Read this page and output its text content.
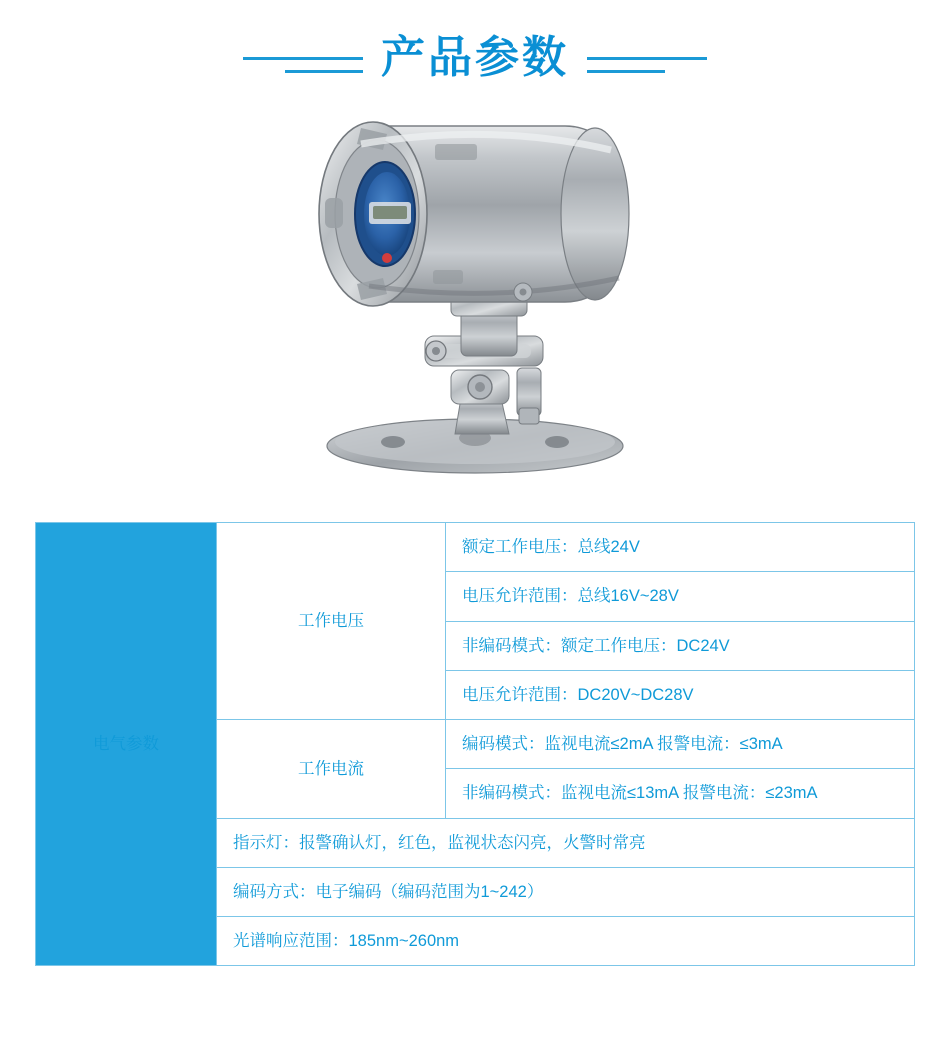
产品参数
电气参数	工作电压	额定工作电压：总线24V
		电压允许范围：总线16V~28V
		非编码模式：额定工作电压：DC24V
		电压允许范围：DC20V~DC28V
	工作电流	编码模式：监视电流≤2mA 报警电流：≤3mA
		非编码模式：监视电流≤13mA 报警电流：≤23mA
	指示灯：报警确认灯，红色，监视状态闪亮，火警时常亮	
	编码方式：电子编码（编码范围为1~242）	
	光谱响应范围：185nm~260nm	
